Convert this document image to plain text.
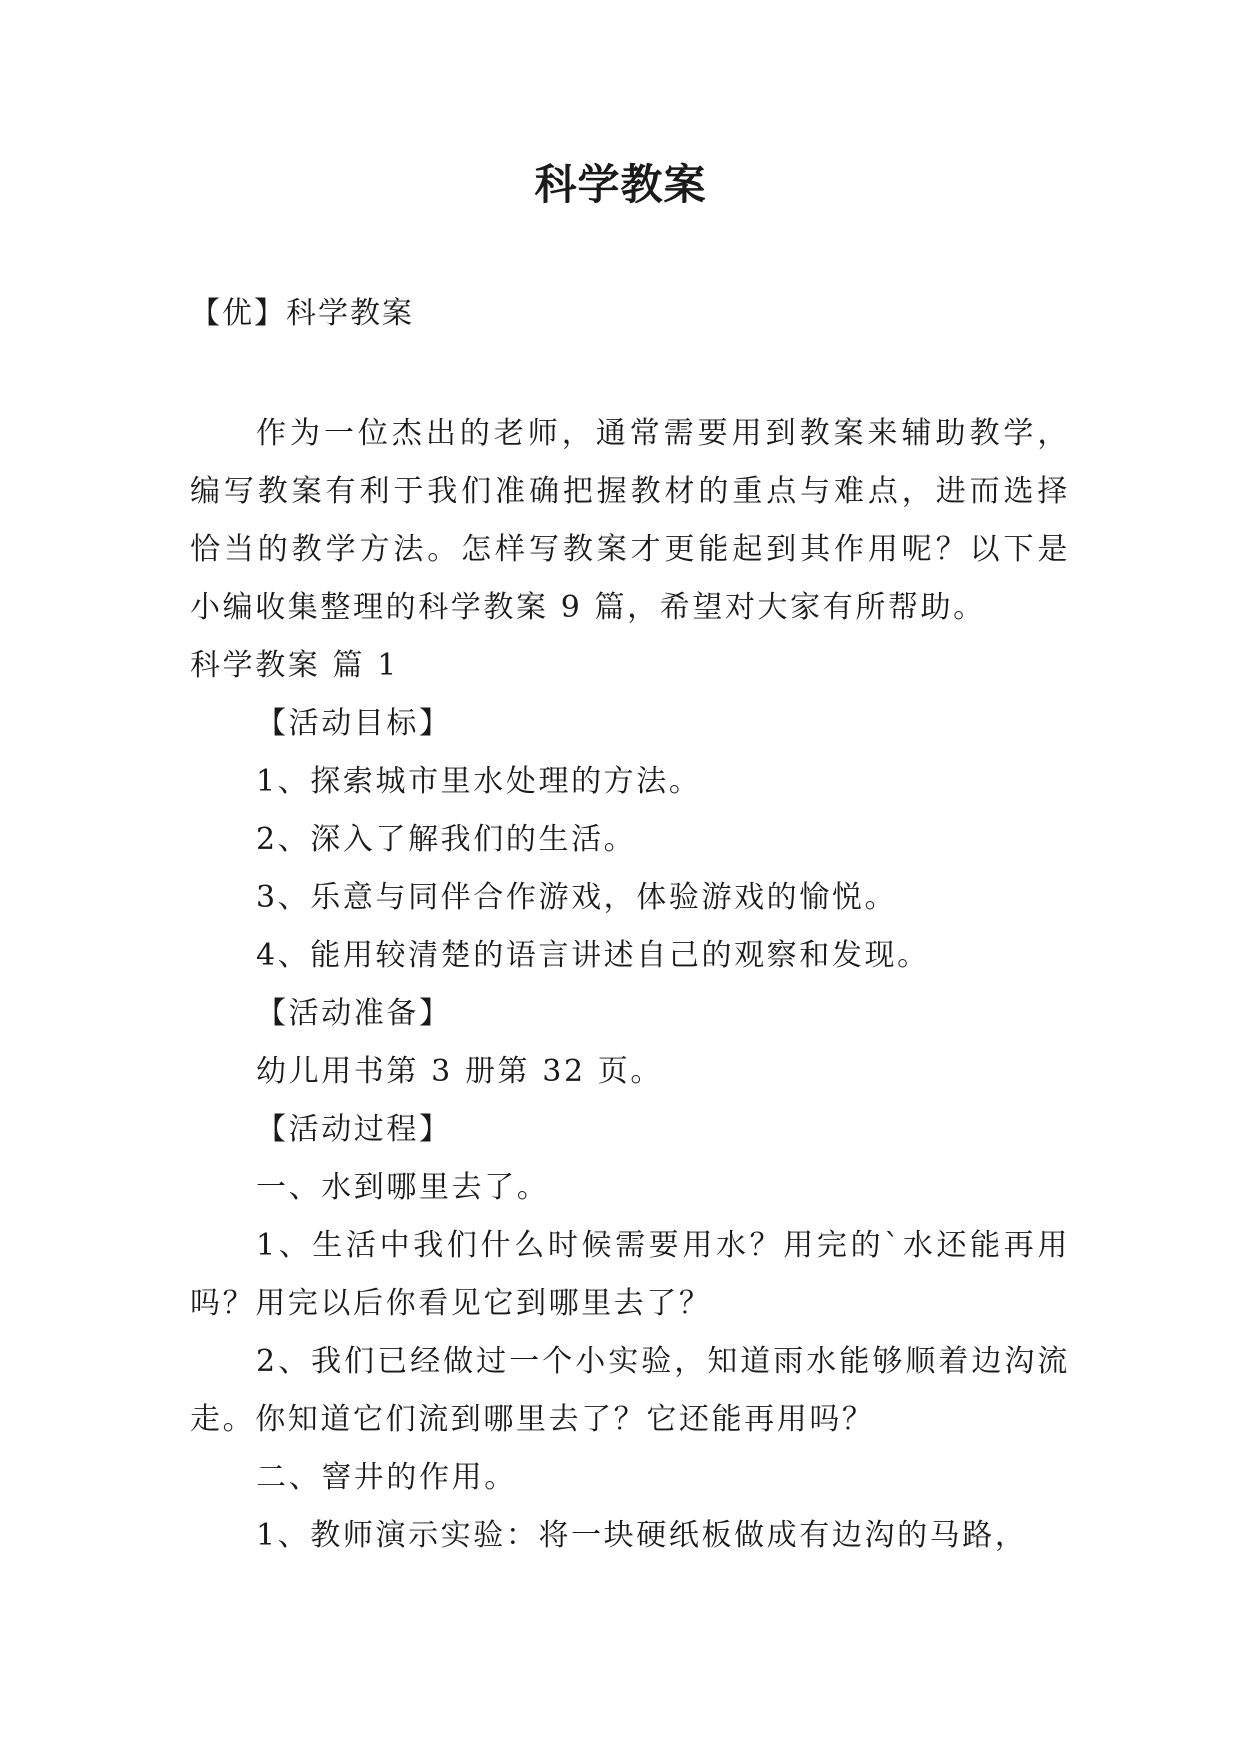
科学教案
【优】科学教案

作为一位杰出的老师，通常需要用到教案来辅助教学，编写教案有利于我们准确把握教材的重点与难点，进而选择恰当的教学方法。怎样写教案才更能起到其作用呢？以下是小编收集整理的科学教案 9 篇，希望对大家有所帮助。

科学教案 篇 1

【活动目标】

1、探索城市里水处理的方法。

2、深入了解我们的生活。

3、乐意与同伴合作游戏，体验游戏的愉悦。

4、能用较清楚的语言讲述自己的观察和发现。

【活动准备】

幼儿用书第 3 册第 32 页。

【活动过程】

一、水到哪里去了。

1、生活中我们什么时候需要用水？用完的`水还能再用吗？用完以后你看见它到哪里去了？

2、我们已经做过一个小实验，知道雨水能够顺着边沟流走。你知道它们流到哪里去了？它还能再用吗？

二、窨井的作用。

1、教师演示实验：将一块硬纸板做成有边沟的马路，
